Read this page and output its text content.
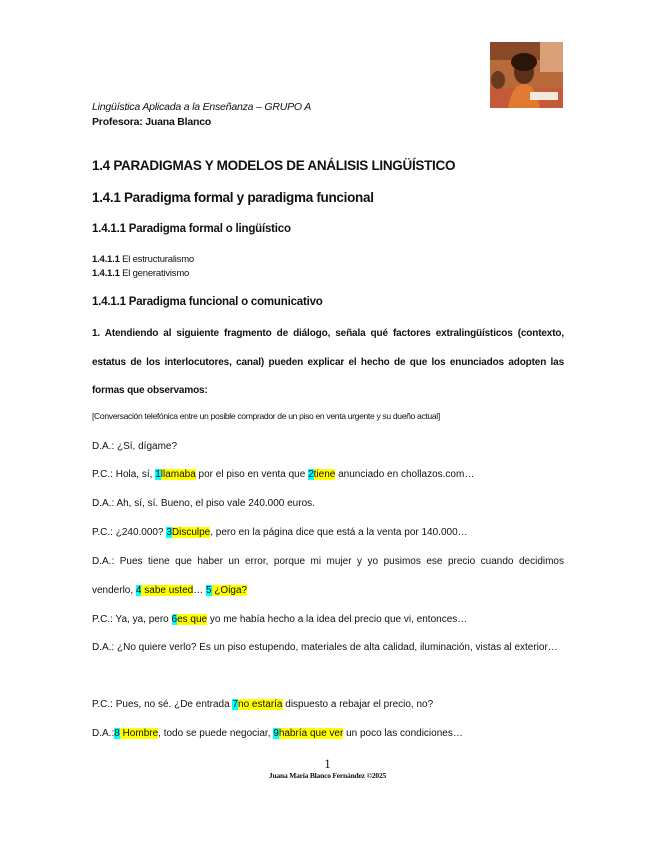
Lingüística Aplicada a la Enseñanza – GRUPO A
Profesora: Juana Blanco
1.4 PARADIGMAS Y MODELOS DE ANÁLISIS LINGÜÍSTICO
1.4.1 Paradigma formal y paradigma funcional
1.4.1.1 Paradigma formal o lingüístico
1.4.1.1 El estructuralismo
1.4.1.1 El generativismo
1.4.1.1 Paradigma funcional o comunicativo
1. Atendiendo al siguiente fragmento de diálogo, señala qué factores extralingüísticos (contexto, estatus de los interlocutores, canal) pueden explicar el hecho de que los enunciados adopten las formas que observamos:
[Conversación telefónica entre un posible comprador de un piso en venta urgente y su dueño actual]
D.A.: ¿Sí, dígame?
P.C.: Hola, sí, 1llamaba por el piso en venta que 2tiene anunciado en chollazos.com…
D.A.: Ah, sí, sí. Bueno, el piso vale 240.000 euros.
P.C.: ¿240.000? 3Disculpe, pero en la página dice que está a la venta por 140.000…
D.A.: Pues tiene que haber un error, porque mi mujer y yo pusimos ese precio cuando decidimos venderlo, 4 sabe usted… 5 ¿Oiga?
P.C.: Ya, ya, pero 6es que yo me había hecho a la idea del precio que vi, entonces…
D.A.: ¿No quiere verlo? Es un piso estupendo, materiales de alta calidad, iluminación, vistas al exterior…
P.C.: Pues, no sé. ¿De entrada 7no estaría dispuesto a rebajar el precio, no?
D.A.:8 Hombre, todo se puede negociar, 9habría que ver un poco las condiciones…
1
Juana María Blanco Fernández ©2025
